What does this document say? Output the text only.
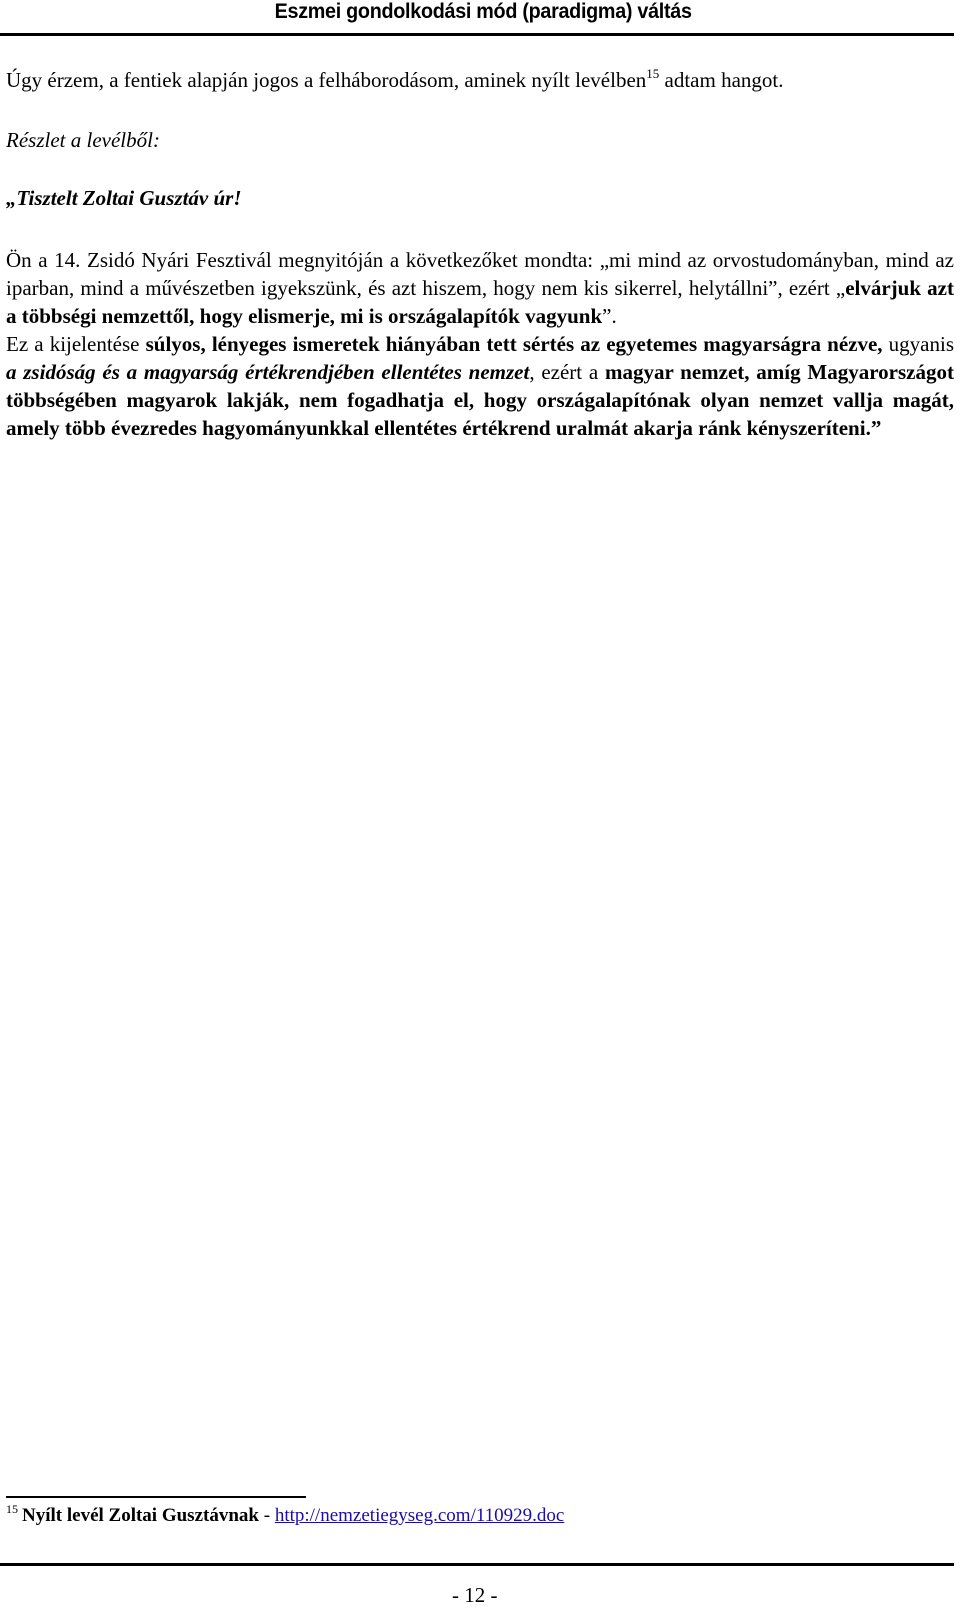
Eszmei gondolkodási mód (paradigma) váltás

Úgy érzem, a fentiek alapján jogos a felháborodásom, aminek nyílt levélben$^{15}$ adtam hangot.

Részlet a levélből:

„Tisztelt Zoltai Gusztáv úr!

Ön a 14. Zsidó Nyári Fesztivál megnyitóján a következőket mondta: „mi mind az orvostudományban, mind az iparban, mind a művészetben igyekszünk, és azt hiszem, hogy nem kis sikerrel, helytállni”, ezért „elvárjuk azt a többségi nemzettől, hogy elismerje, mi is országalapítók vagyunk”.

Ez a kijelentése súlyos, lényeges ismeretek hiányában tett sértés az egyetemes magyarságra nézve, ugyanis a zsidóság és a magyarság értékrendjében ellentétes nemzet, ezért a magyar nemzet, amíg Magyarországot többségében magyarok lakják, nem fogadhatja el, hogy országalapítónak olyan nemzet vallja magát, amely több évezredes hagyományunkkal ellentétes értékrend uralmát akarja ránk kényszeríteni.”

$^{15}$ Nyílt levél Zoltai Gusztávnak - http://nemzetiegyseg.com/110929.doc
- 12 -
